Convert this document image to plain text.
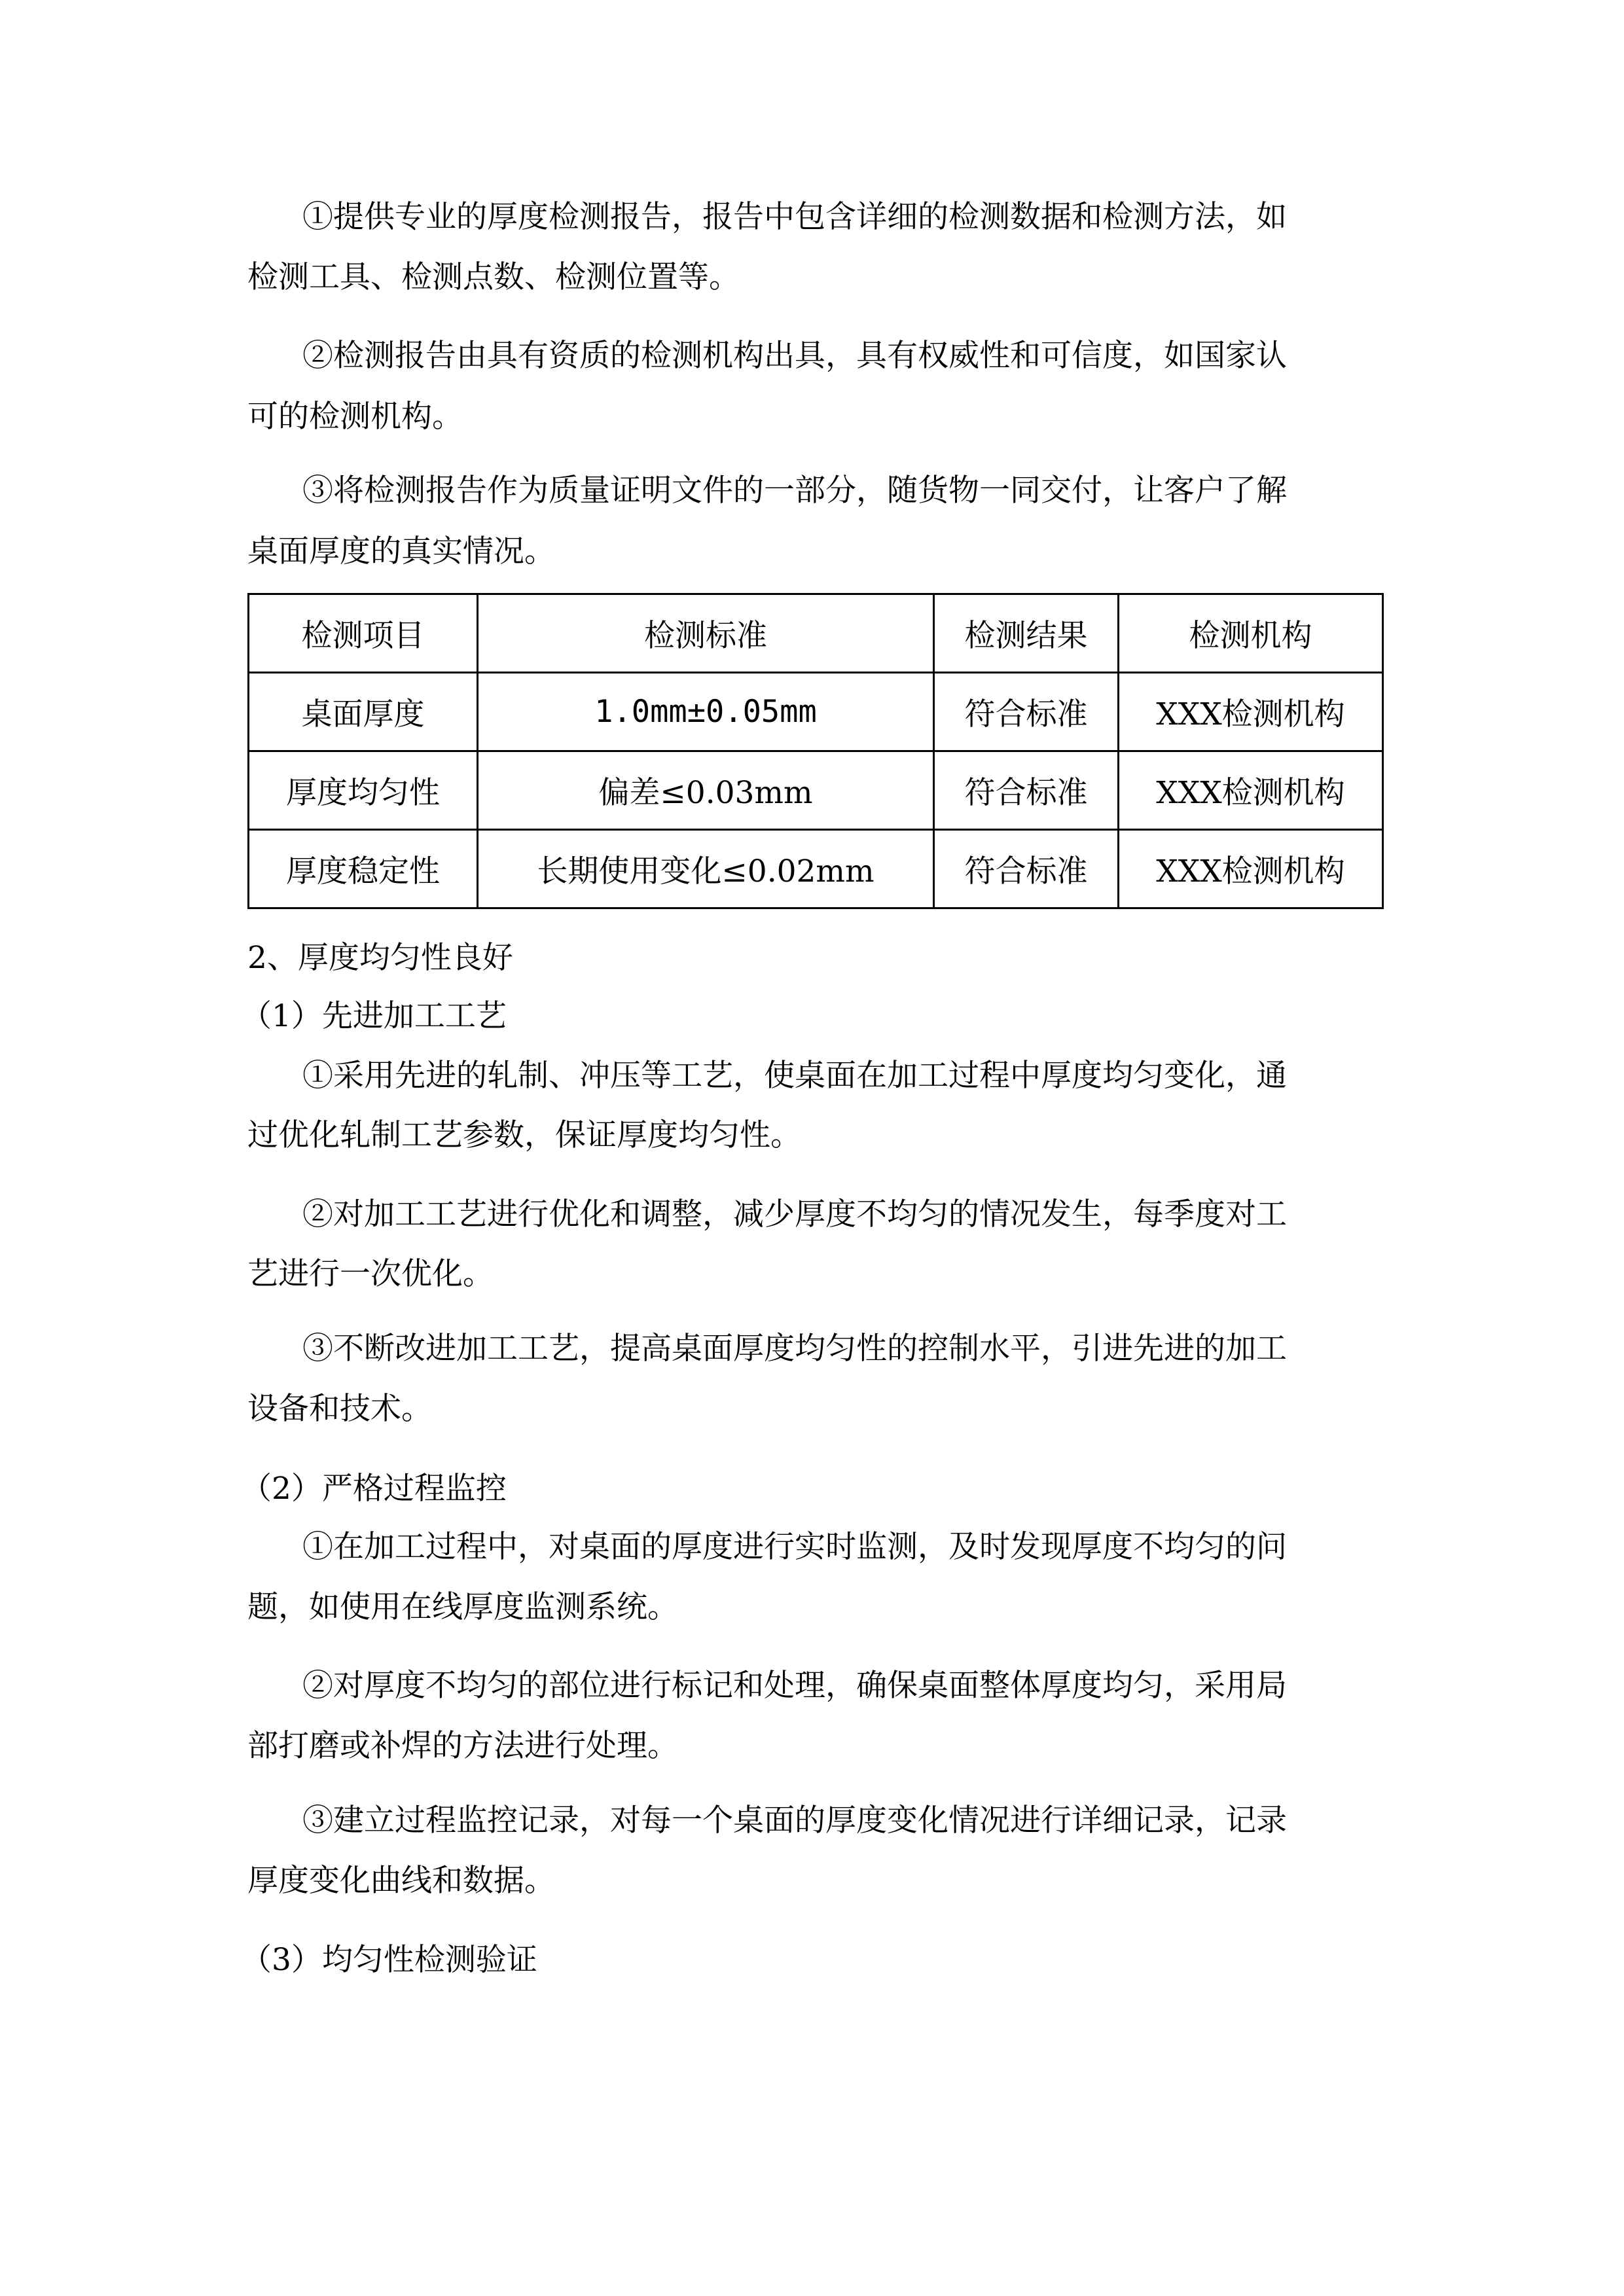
①提供专业的厚度检测报告，报告中包含详细的检测数据和检测方法，如

检测工具、检测点数、检测位置等。

②检测报告由具有资质的检测机构出具，具有权威性和可信度，如国家认

可的检测机构。

③将检测报告作为质量证明文件的一部分，随货物一同交付，让客户了解

桌面厚度的真实情况。

检测项目	检测标准	检测结果	检测机构
桌面厚度	1.0mm±0.05mm	符合标准	XXX检测机构
厚度均匀性	偏差≤0.03mm	符合标准	XXX检测机构
厚度稳定性	长期使用变化≤0.02mm	符合标准	XXX检测机构

2、厚度均匀性良好

（1）先进加工工艺

①采用先进的轧制、冲压等工艺，使桌面在加工过程中厚度均匀变化，通

过优化轧制工艺参数，保证厚度均匀性。

②对加工工艺进行优化和调整，减少厚度不均匀的情况发生，每季度对工

艺进行一次优化。

③不断改进加工工艺，提高桌面厚度均匀性的控制水平，引进先进的加工

设备和技术。

（2）严格过程监控

①在加工过程中，对桌面的厚度进行实时监测，及时发现厚度不均匀的问

题，如使用在线厚度监测系统。

②对厚度不均匀的部位进行标记和处理，确保桌面整体厚度均匀，采用局

部打磨或补焊的方法进行处理。

③建立过程监控记录，对每一个桌面的厚度变化情况进行详细记录，记录

厚度变化曲线和数据。

（3）均匀性检测验证
